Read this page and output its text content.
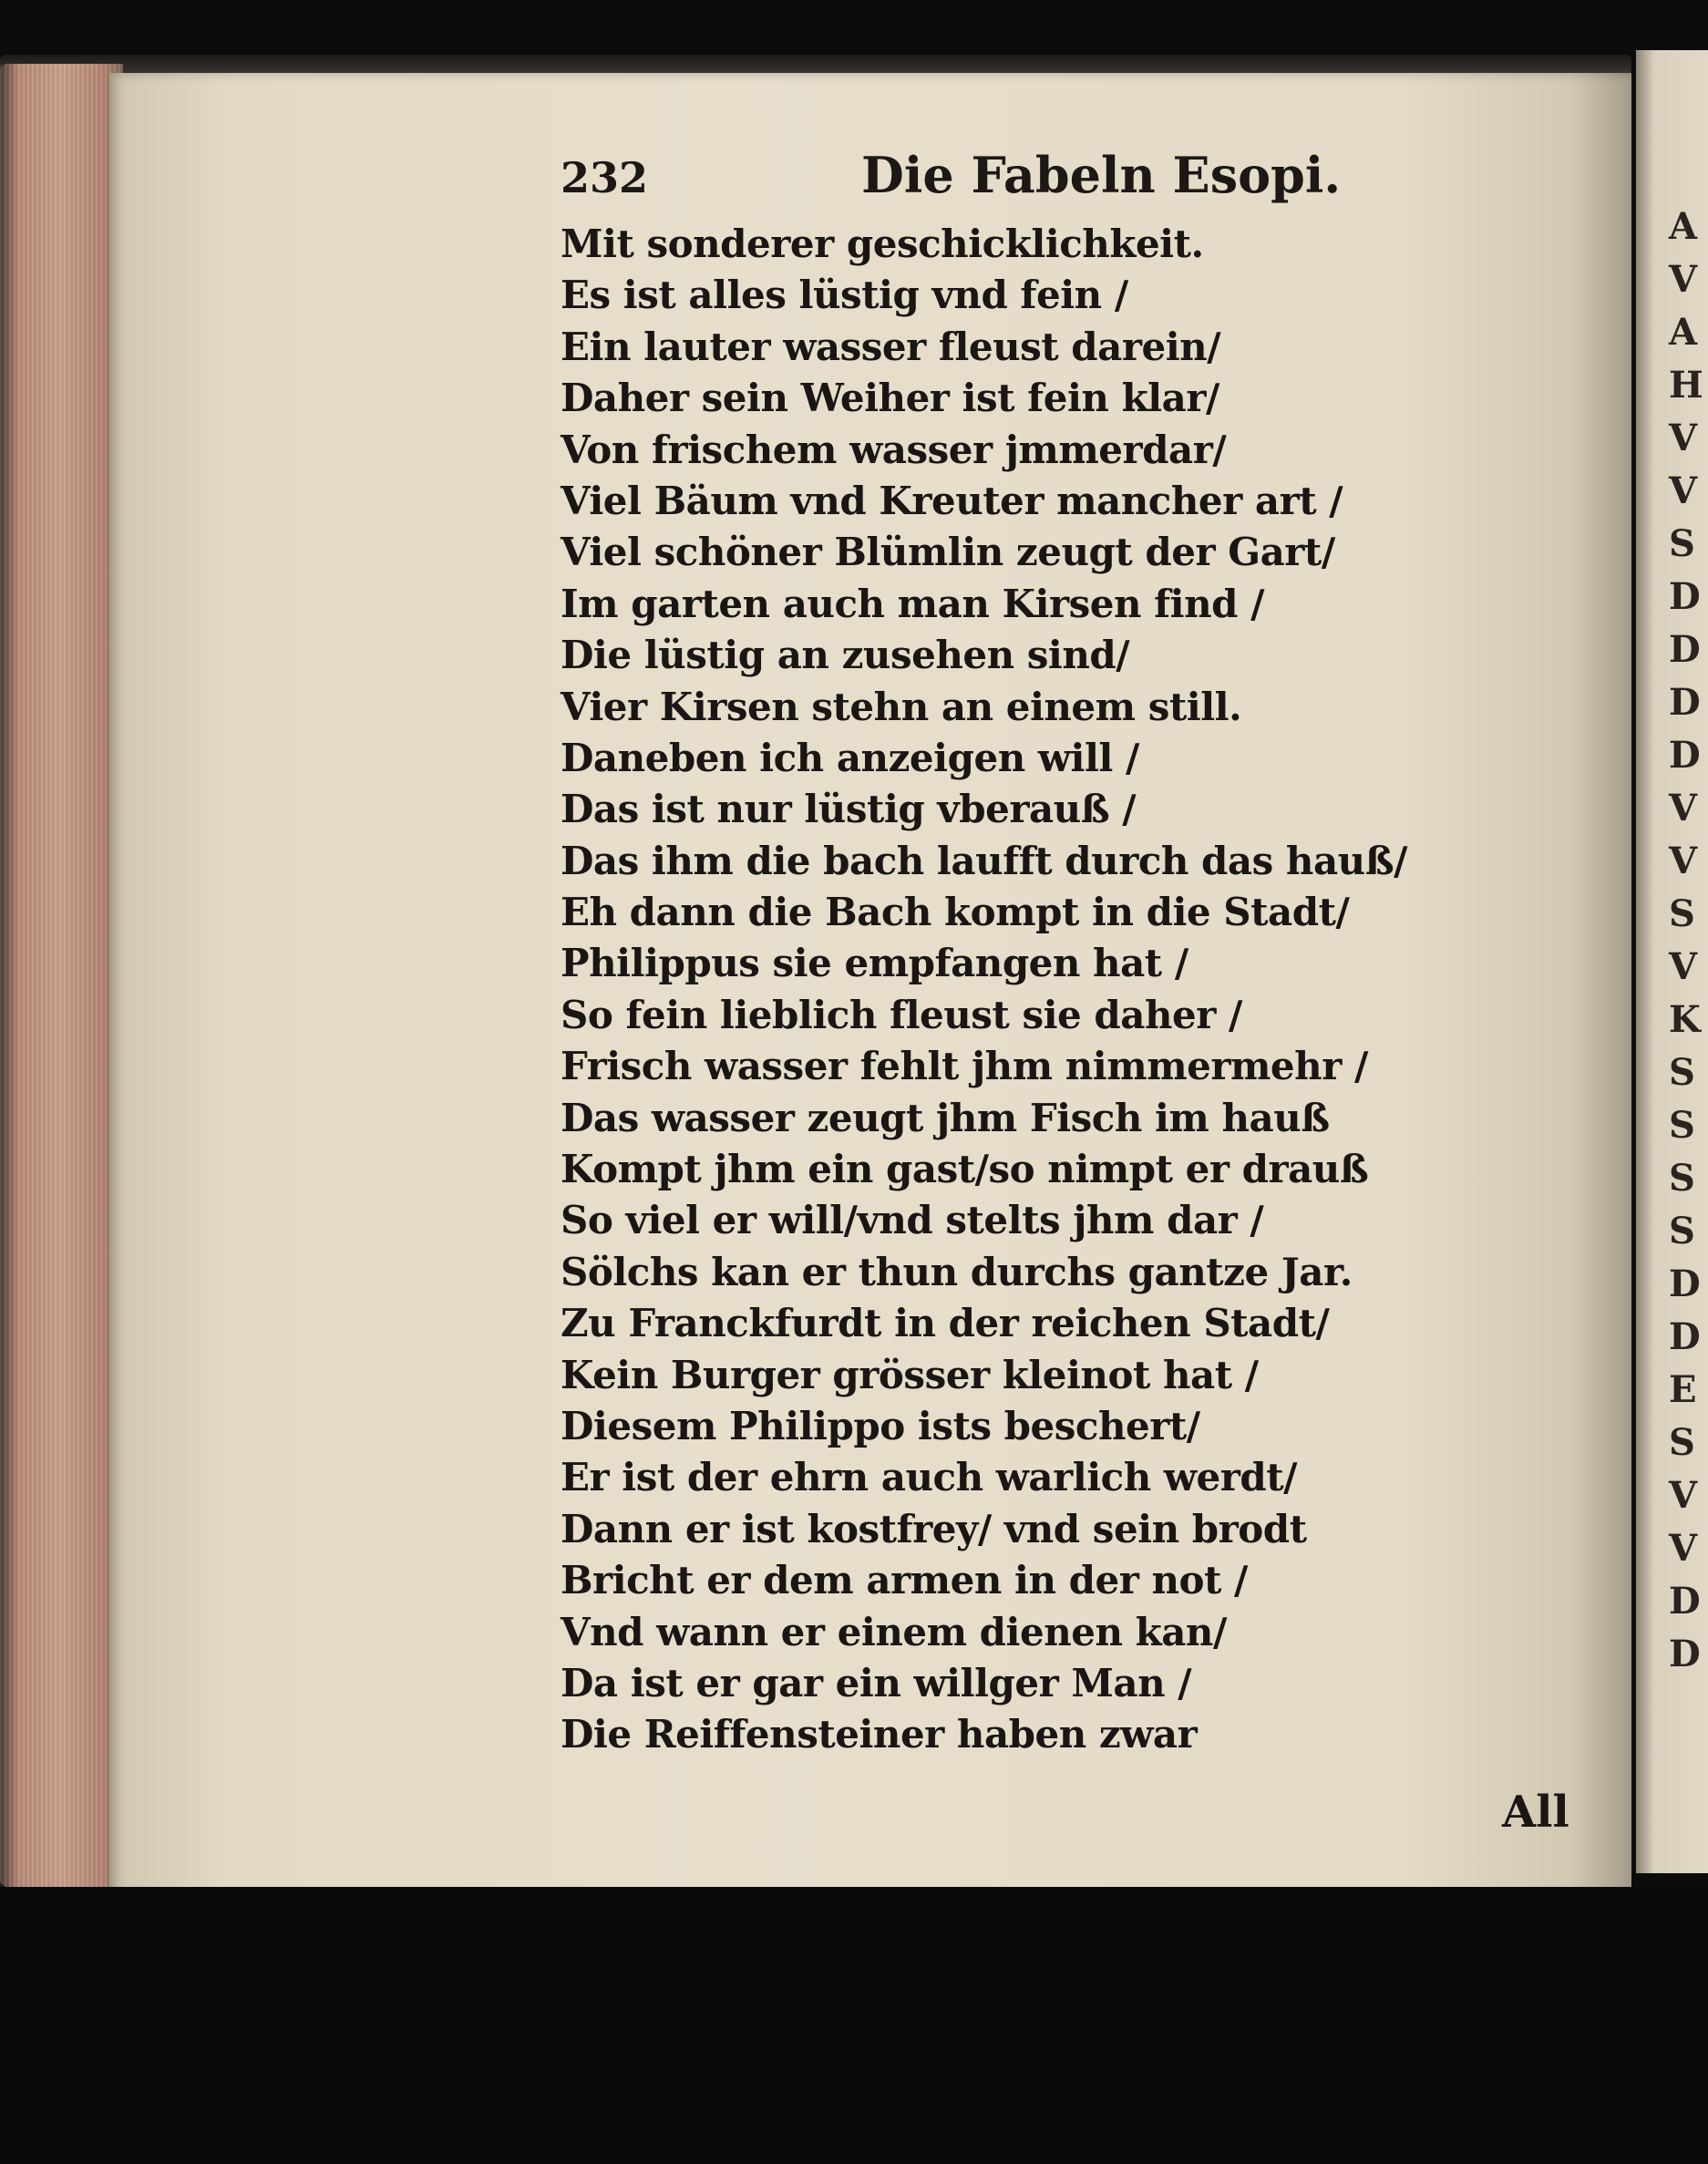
232	Die Fabeln Esopi.
Mit sonderer geschicklichkeit.
Es ist alles lüstig vnd fein /
Ein lauter wasser fleust darein/
Daher sein Weiher ist fein klar/
Von frischem wasser jmmerdar/
Viel Bäum vnd Kreuter mancher art /
Viel schöner Blümlin zeugt der Gart/
Im garten auch man Kirsen find /
Die lüstig an zusehen sind/
Vier Kirsen stehn an einem still.
Daneben ich anzeigen will /
Das ist nur lüstig vberauß /
Das ihm die bach laufft durch das hauß/
Eh dann die Bach kompt in die Stadt/
Philippus sie empfangen hat /
So fein lieblich fleust sie daher /
Frisch wasser fehlt jhm nimmermehr /
Das wasser zeugt jhm Fisch im hauß
Kompt jhm ein gast/so nimpt er drauß
So viel er will/vnd stelts jhm dar /
Sölchs kan er thun durchs gantze Jar.
Zu Franckfurdt in der reichen Stadt/
Kein Burger grösser kleinot hat /
Diesem Philippo ists beschert/
Er ist der ehrn auch warlich werdt/
Dann er ist kostfrey/ vnd sein brodt
Bricht er dem armen in der not /
Vnd wann er einem dienen kan/
Da ist er gar ein willger Man /
Die Reiffensteiner haben zwar
All
A
V
A
H
V
V
S
D
D
D
D
V
V
S
V
K
S
S
S
S
D
D
E
S
V
V
D
D
